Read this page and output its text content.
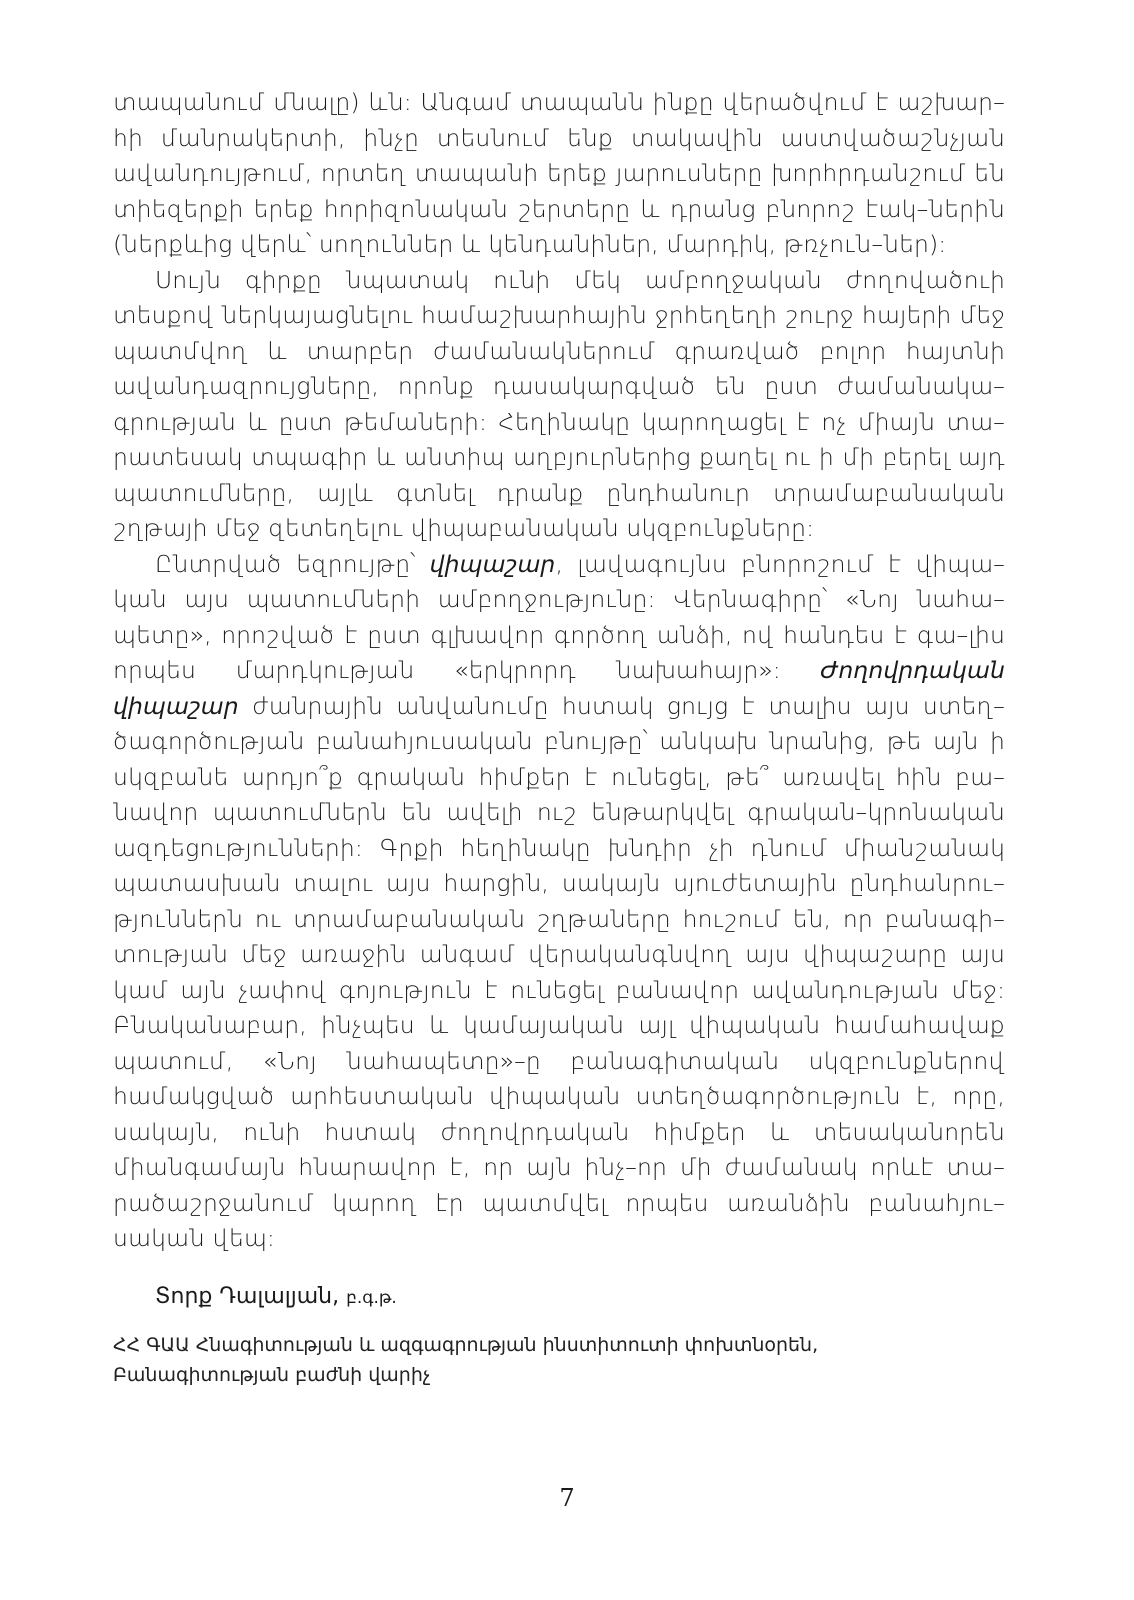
տապանում մնալը) ևն: Անգամ տապանն ինքը վերածվում է աշխար–հի մանրակերտի, ինչը տեսնում ենք տակավին աստվածաշնչյան ավանդույթում, որտեղ տապանի երեք յարուսները խորհրդանշում են տիեզերքի երեք հորիզոնական շերտերը և դրանց բնորոշ էակ–ներին (ներքևից վերև՝ սողուններ և կենդանիներ, մարդիկ, թռչուն–ներ):

Սույն գիրքը նպատակ ունի մեկ ամբողջական ժողովածուի տեսքով ներկայացնելու համաշխարհային ջրհեղեղի շուրջ հայերի մեջ պատմվող և տարբեր ժամանակներում գրառված բոլոր հայտնի ավանդազրույցները, որոնք դասակարգված են ըստ ժամանակա–գրության և ըստ թեմաների: Հեղինակը կարողացել է ոչ միայն տա–րատեսակ տպագիր և անտիպ աղբյուրներից քաղել ու ի մի բերել այդ պատումները, այլև գտնել դրանք ընդհանուր տրամաբանական շղթայի մեջ զետեղելու վիպաբանական սկզբունքները:

Ընտրված եզրույթը՝ վիպաշար, լավագույնս բնորոշում է վիպա–կան այս պատումների ամբողջությունը: Վերնագիրը՝ «Նոյ նահա–պետը», որոշված է ըստ գլխավոր գործող անձի, ով հանդես է գա–լիս որպես մարդկության «երկրորդ նախահայր»: Ժողովրդական վիպաշար ժանրային անվանումը հստակ ցույց է տալիս այս ստեղ–ծագործության բանահյուսական բնույթը՝ անկախ նրանից, թե այն ի սկզբանե արդյո՞ք գրական հիմքեր է ունեցել, թե՞ առավել հին բա–նավոր պատումներն են ավելի ուշ ենթարկվել գրական–կրոնական ազդեցությունների: Գրքի հեղինակը խնդիր չի դնում միանշանակ պատասխան տալու այս հարցին, սակայն սյուժետային ընդհանրու–թյուններն ու տրամաբանական շղթաները հուշում են, որ բանագի–տության մեջ առաջին անգամ վերականգնվող այս վիպաշարը այս կամ այն չափով գոյություն է ունեցել բանավոր ավանդության մեջ: Բնականաբար, ինչպես և կամայական այլ վիպական համահավաք պատում, «Նոյ նահապետը»–ը բանագիտական սկզբունքներով համակցված արհեստական վիպական ստեղծագործություն է, որը, սակայն, ունի հստակ ժողովրդական հիմքեր և տեսականորեն միանգամայն հնարավոր է, որ այն ինչ–որ մի ժամանակ որևէ տա–րածաշրջանում կարող էր պատմվել որպես առանձին բանահյու–սական վեպ:

Տորք Դալալյան, բ.գ.թ.
ՀՀ ԳԱԱ Հնագիտության և ազգագրության ինստիտուտի փոխտնօրեն,
Բանագիտության բաժնի վարիչ
7
